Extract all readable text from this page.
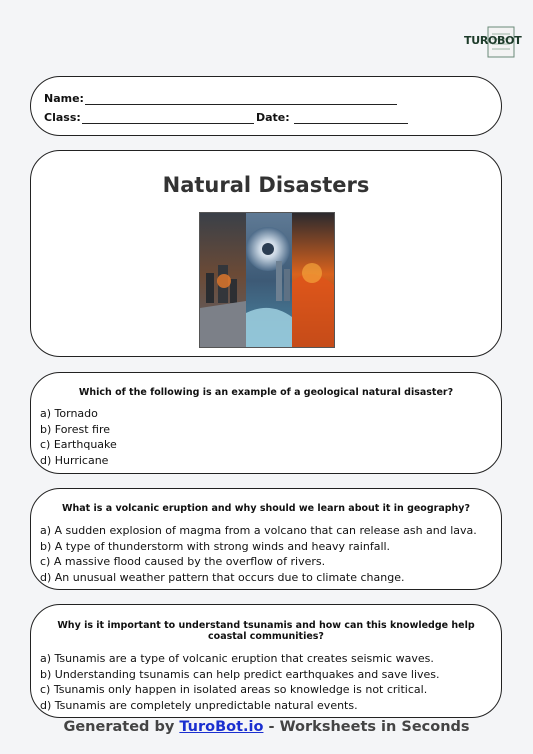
TUROBOT
Name:
Class:	Date:
Natural Disasters
Which of the following is an example of a geological natural disaster?
a) Tornado
b) Forest fire
c) Earthquake
d) Hurricane
What is a volcanic eruption and why should we learn about it in geography?
a) A sudden explosion of magma from a volcano that can release ash and lava.
b) A type of thunderstorm with strong winds and heavy rainfall.
c) A massive flood caused by the overflow of rivers.
d) An unusual weather pattern that occurs due to climate change.
Why is it important to understand tsunamis and how can this knowledge help coastal communities?
a) Tsunamis are a type of volcanic eruption that creates seismic waves.
b) Understanding tsunamis can help predict earthquakes and save lives.
c) Tsunamis only happen in isolated areas so knowledge is not critical.
d) Tsunamis are completely unpredictable natural events.
Generated by TuroBot.io - Worksheets in Seconds
